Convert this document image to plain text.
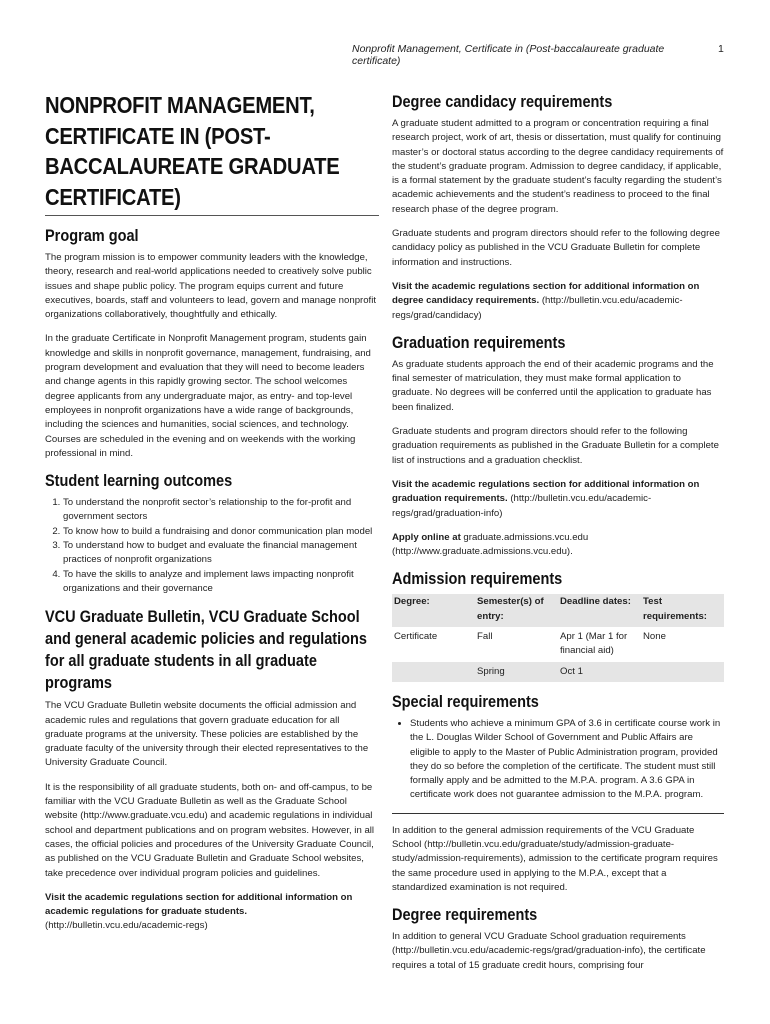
Nonprofit Management, Certificate in (Post-baccalaureate graduate certificate)
1
NONPROFIT MANAGEMENT, CERTIFICATE IN (POST-BACCALAUREATE GRADUATE CERTIFICATE)
Program goal

The program mission is to empower community leaders with the knowledge, theory, research and real-world applications needed to creatively solve public issues and shape public policy. The program equips current and future executives, boards, staff and volunteers to lead, govern and manage nonprofit organizations collaboratively, thoughtfully and ethically.

In the graduate Certificate in Nonprofit Management program, students gain knowledge and skills in nonprofit governance, management, fundraising, and program development and evaluation that they will need to become leaders and change agents in this rapidly growing sector. The school welcomes degree applicants from any undergraduate major, as entry- and top-level employees in nonprofit organizations have a wide range of backgrounds, including the sciences and humanities, social sciences, and technology. Courses are scheduled in the evening and on weekends with the working professional in mind.

Student learning outcomes
1. To understand the nonprofit sector’s relationship to the for-profit and government sectors
2. To know how to build a fundraising and donor communication plan model
3. To understand how to budget and evaluate the financial management practices of nonprofit organizations
4. To have the skills to analyze and implement laws impacting nonprofit organizations and their governance
VCU Graduate Bulletin, VCU Graduate School and general academic policies and regulations for all graduate students in all graduate programs

The VCU Graduate Bulletin website documents the official admission and academic rules and regulations that govern graduate education for all graduate programs at the university. These policies are established by the graduate faculty of the university through their elected representatives to the University Graduate Council.

It is the responsibility of all graduate students, both on- and off-campus, to be familiar with the VCU Graduate Bulletin as well as the Graduate School website (http://www.graduate.vcu.edu) and academic regulations in individual school and department publications and on program websites. However, in all cases, the official policies and procedures of the University Graduate Council, as published on the VCU Graduate Bulletin and Graduate School websites, take precedence over individual program policies and guidelines.

Visit the academic regulations section for additional information on academic regulations for graduate students. (http://bulletin.vcu.edu/academic-regs)

Degree candidacy requirements

A graduate student admitted to a program or concentration requiring a final research project, work of art, thesis or dissertation, must qualify for continuing master’s or doctoral status according to the degree candidacy requirements of the student’s graduate program. Admission to degree candidacy, if applicable, is a formal statement by the graduate student’s faculty regarding the student’s academic achievements and the student’s readiness to proceed to the final research phase of the degree program.

Graduate students and program directors should refer to the following degree candidacy policy as published in the VCU Graduate Bulletin for complete information and instructions.

Visit the academic regulations section for additional information on degree candidacy requirements. (http://bulletin.vcu.edu/academic-regs/grad/candidacy)

Graduation requirements

As graduate students approach the end of their academic programs and the final semester of matriculation, they must make formal application to graduate. No degrees will be conferred until the application to graduate has been finalized.

Graduate students and program directors should refer to the following graduation requirements as published in the Graduate Bulletin for a complete list of instructions and a graduation checklist.

Visit the academic regulations section for additional information on graduation requirements. (http://bulletin.vcu.edu/academic-regs/grad/graduation-info)

Apply online at graduate.admissions.vcu.edu (http://www.graduate.admissions.vcu.edu).

Admission requirements
Degree:	Semester(s) of entry:	Deadline dates:	Test requirements:
Certificate	Fall	Apr 1 (Mar 1 for financial aid)	None
	Spring	Oct 1	
Special requirements
• Students who achieve a minimum GPA of 3.6 in certificate course work in the L. Douglas Wilder School of Government and Public Affairs are eligible to apply to the Master of Public Administration program, provided they do so before the completion of the certificate. The student must still formally apply and be admitted to the M.P.A. program. A 3.6 GPA in certificate work does not guarantee admission to the M.P.A. program.

In addition to the general admission requirements of the VCU Graduate School (http://bulletin.vcu.edu/graduate/study/admission-graduate-study/admission-requirements), admission to the certificate program requires the same procedure used in applying to the M.P.A., except that a standardized examination is not required.

Degree requirements

In addition to general VCU Graduate School graduation requirements (http://bulletin.vcu.edu/academic-regs/grad/graduation-info), the certificate requires a total of 15 graduate credit hours, comprising four
